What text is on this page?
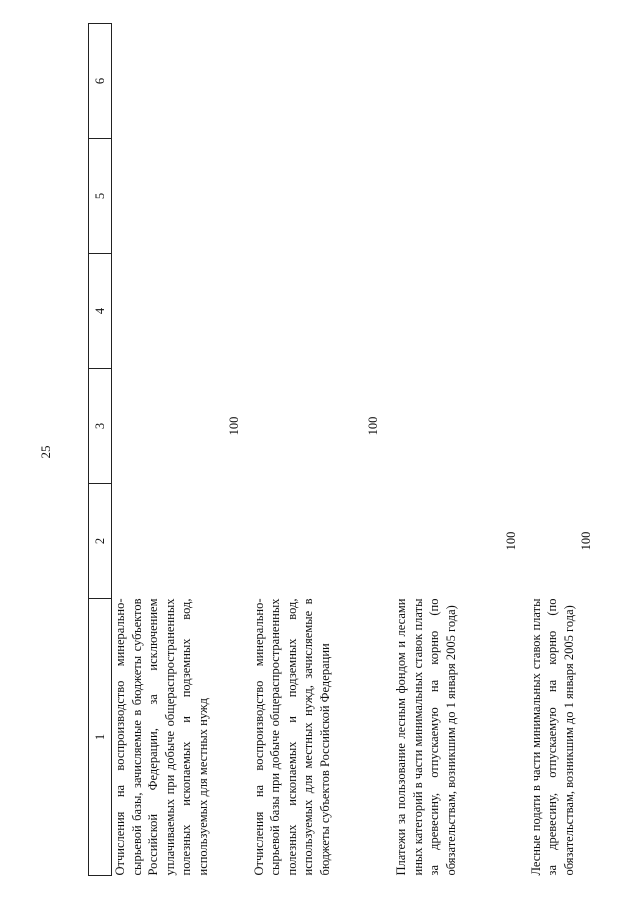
25
1	2	3	4	5	6
Отчисления на воспроизводство минерально-сырьевой базы, зачисляемые в бюджеты субъектов Российской Федерации, за исключением уплачиваемых при добыче общераспространенных полезных ископаемых и подземных вод, используемых для местных нужд		100			

Отчисления на воспроизводство минерально-сырьевой базы при добыче общераспространенных полезных ископаемых и подземных вод, используемых для местных нужд, зачисляемые в бюджеты субъектов Российской Федерации		100			

Платежи за пользование лесным фондом и лесами иных категорий в части минимальных ставок платы за древесину, отпускаемую на корню (по обязательствам, возникшим до 1 января 2005 года)	100				

Лесные подати в части минимальных ставок платы за древесину, отпускаемую на корню (по обязательствам, возникшим до 1 января 2005 года)	100				
